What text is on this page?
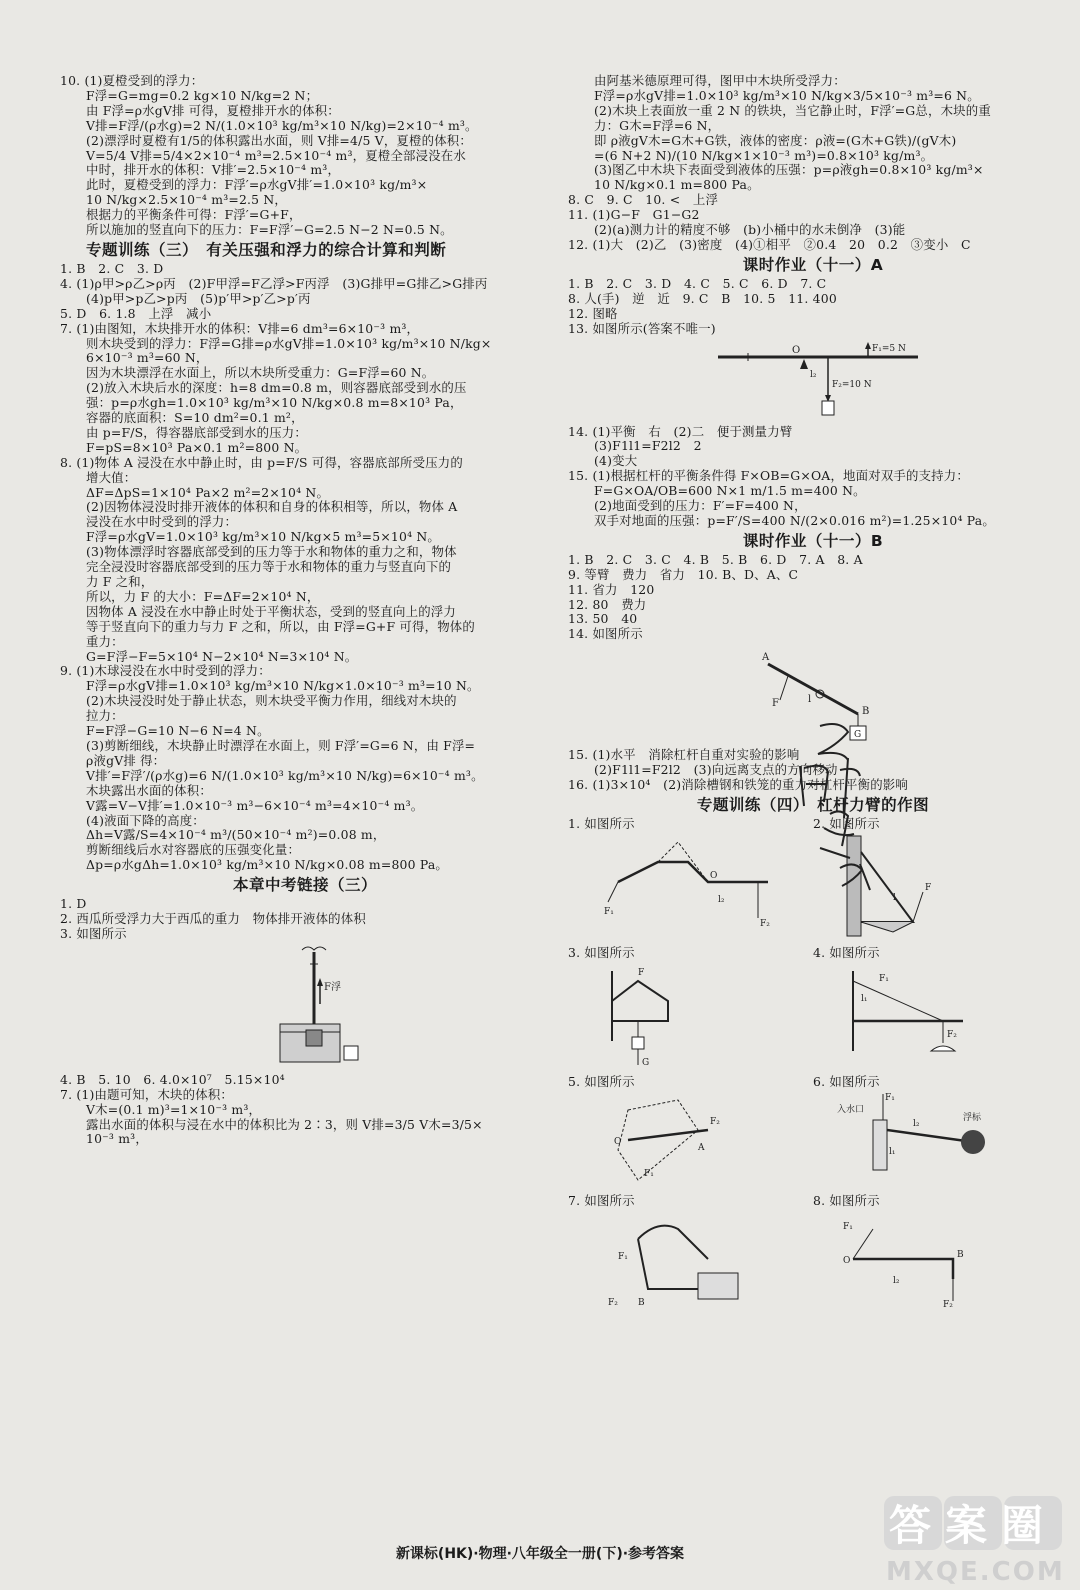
10. (1)夏橙受到的浮力：
F浮=G=mg=0.2 kg×10 N/kg=2 N；
由 F浮=ρ水gV排 可得，夏橙排开水的体积：
V排=F浮/(ρ水g)=2 N/(1.0×10³ kg/m³×10 N/kg)=2×10⁻⁴ m³。
(2)漂浮时夏橙有1/5的体积露出水面，则 V排=4/5 V，夏橙的体积：
V=5/4 V排=5/4×2×10⁻⁴ m³=2.5×10⁻⁴ m³，夏橙全部浸没在水
中时，排开水的体积：V排′=2.5×10⁻⁴ m³，
此时，夏橙受到的浮力：F浮′=ρ水gV排′=1.0×10³ kg/m³×
10 N/kg×2.5×10⁻⁴ m³=2.5 N，
根据力的平衡条件可得：F浮′=G+F，
所以施加的竖直向下的压力：F=F浮′−G=2.5 N−2 N=0.5 N。
专题训练（三）　有关压强和浮力的综合计算和判断
1. B　2. C　3. D
4. (1)ρ甲>ρ乙>ρ丙　(2)F甲浮=F乙浮>F丙浮　(3)G排甲=G排乙>G排丙
(4)p甲>p乙>p丙　(5)p′甲>p′乙>p′丙
5. D　6. 1.8　上浮　减小
7. (1)由图知，木块排开水的体积：V排=6 dm³=6×10⁻³ m³，
则木块受到的浮力：F浮=G排=ρ水gV排=1.0×10³ kg/m³×10 N/kg×
6×10⁻³ m³=60 N，
因为木块漂浮在水面上，所以木块所受重力：G=F浮=60 N。
(2)放入木块后水的深度：h=8 dm=0.8 m，则容器底部受到水的压
强：p=ρ水gh=1.0×10³ kg/m³×10 N/kg×0.8 m=8×10³ Pa，
容器的底面积：S=10 dm²=0.1 m²，
由 p=F/S，得容器底部受到水的压力：
F=pS=8×10³ Pa×0.1 m²=800 N。
8. (1)物体 A 浸没在水中静止时，由 p=F/S 可得，容器底部所受压力的
增大值：
ΔF=ΔpS=1×10⁴ Pa×2 m²=2×10⁴ N。
(2)因物体浸没时排开液体的体积和自身的体积相等，所以，物体 A
浸没在水中时受到的浮力：
F浮=ρ水gV=1.0×10³ kg/m³×10 N/kg×5 m³=5×10⁴ N。
(3)物体漂浮时容器底部受到的压力等于水和物体的重力之和，物体
完全浸没时容器底部受到的压力等于水和物体的重力与竖直向下的
力 F 之和，
所以，力 F 的大小：F=ΔF=2×10⁴ N，
因物体 A 浸没在水中静止时处于平衡状态，受到的竖直向上的浮力
等于竖直向下的重力与力 F 之和，所以，由 F浮=G+F 可得，物体的
重力：
G=F浮−F=5×10⁴ N−2×10⁴ N=3×10⁴ N。
9. (1)木球浸没在水中时受到的浮力：
F浮=ρ水gV排=1.0×10³ kg/m³×10 N/kg×1.0×10⁻³ m³=10 N。
(2)木块浸没时处于静止状态，则木块受平衡力作用，细线对木块的
拉力：
F=F浮−G=10 N−6 N=4 N。
(3)剪断细线，木块静止时漂浮在水面上，则 F浮′=G=6 N，由 F浮=
ρ液gV排 得：
V排′=F浮′/(ρ水g)=6 N/(1.0×10³ kg/m³×10 N/kg)=6×10⁻⁴ m³。
木块露出水面的体积：
V露=V−V排′=1.0×10⁻³ m³−6×10⁻⁴ m³=4×10⁻⁴ m³。
(4)液面下降的高度：
Δh=V露/S=4×10⁻⁴ m³/(50×10⁻⁴ m²)=0.08 m，
剪断细线后水对容器底的压强变化量：
Δp=ρ水gΔh=1.0×10³ kg/m³×10 N/kg×0.08 m=800 Pa。
本章中考链接（三）
1. D
2. 西瓜所受浮力大于西瓜的重力　物体排开液体的体积
3. 如图所示
F浮
4. B　5. 10　6. 4.0×10⁷　5.15×10⁴
7. (1)由题可知，木块的体积：
V木=(0.1 m)³=1×10⁻³ m³，
露出水面的体积与浸在水中的体积比为 2∶3，则 V排=3/5 V木=3/5×
10⁻³ m³，
由阿基米德原理可得，图甲中木块所受浮力：
F浮=ρ水gV排=1.0×10³ kg/m³×10 N/kg×3/5×10⁻³ m³=6 N。
(2)木块上表面放一重 2 N 的铁块，当它静止时，F浮′=G总，木块的重
力：G木=F浮=6 N，
即 ρ液gV木=G木+G铁，液体的密度：ρ液=(G木+G铁)/(gV木)
=(6 N+2 N)/(10 N/kg×1×10⁻³ m³)=0.8×10³ kg/m³。
(3)图乙中木块下表面受到液体的压强：p=ρ液gh=0.8×10³ kg/m³×
10 N/kg×0.1 m=800 Pa。
8. C　9. C　10. <　上浮
11. (1)G−F　G1−G2
(2)(a)测力计的精度不够　(b)小桶中的水未倒净　(3)能
12. (1)大　(2)乙　(3)密度　(4)①相平　②0.4　20　0.2　③变小　C
课时作业（十一）A
1. B　2. C　3. D　4. C　5. C　6. D　7. C
8. 人(手)　逆　近　9. C　B　10. 5　11. 400
12. 图略
13. 如图所示(答案不唯一)
O	F₁=5 N
F₂=10 N
l₂
14. (1)平衡　右　(2)二　便于测量力臂
(3)F1l1=F2l2　2
(4)变大
15. (1)根据杠杆的平衡条件得 F×OB=G×OA，地面对双手的支持力：
F=G×OA/OB=600 N×1 m/1.5 m=400 N。
(2)地面受到的压力：F′=F=400 N，
双手对地面的压强：p=F′/S=400 N/(2×0.016 m²)=1.25×10⁴ Pa。
课时作业（十一）B
1. B　2. C　3. C　4. B　5. B　6. D　7. A　8. A
9. 等臂　费力　省力　10. B、D、A、C
11. 省力　120
12. 80　费力
13. 50　40
14. 如图所示
A
F	l
B
G
15. (1)水平　消除杠杆自重对实验的影响
(2)F1l1=F2l2　(3)向远离支点的方向移动
16. (1)3×10⁴　(2)消除槽钢和铁笼的重力对杠杆平衡的影响
专题训练（四）　杠杆力臂的作图
1. 如图所示
O
F₁
F₂
l₂
2. 如图所示
F
l
3. 如图所示
F
G
4. 如图所示
F₁
l₁
F₂
5. 如图所示
O
F₂
A
F₁
6. 如图所示
入水口
F₁
浮标
l₂
l₁
7. 如图所示
F₁
F₂ B
8. 如图所示
F₁
O
B
F₂
l₂
新课标(HK)·物理·八年级全一册(下)·参考答案
答案圈
MXQE.COM
